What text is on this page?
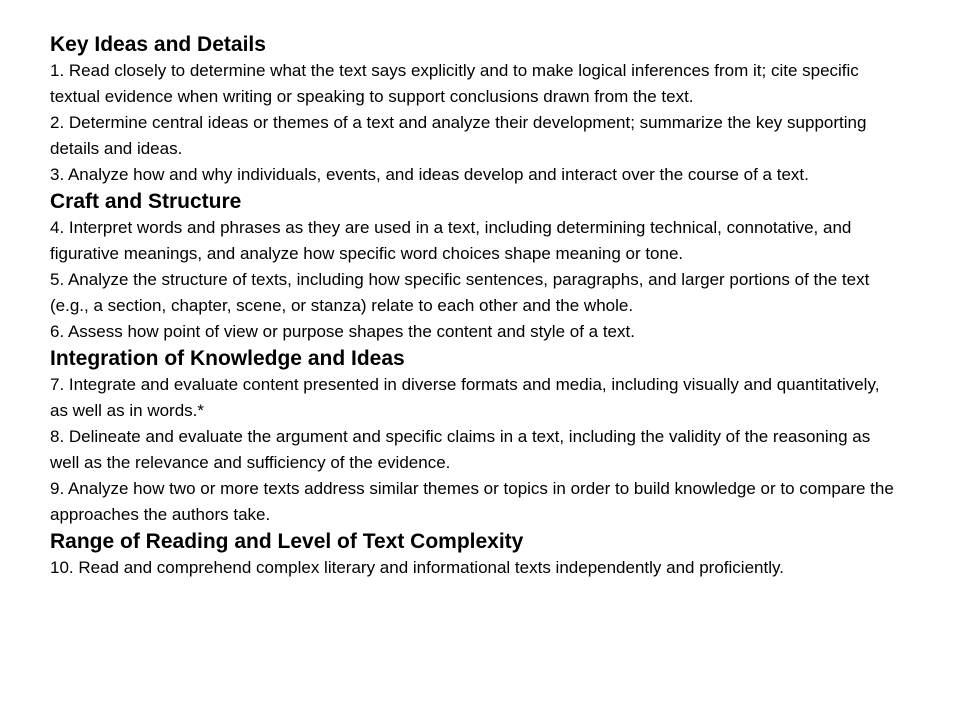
Key Ideas and Details

1. Read closely to determine what the text says explicitly and to make logical inferences from it; cite specific textual evidence when writing or speaking to support conclusions drawn from the text.

2. Determine central ideas or themes of a text and analyze their development; summarize the key supporting details and ideas.

3. Analyze how and why individuals, events, and ideas develop and interact over the course of a text.

Craft and Structure

4. Interpret words and phrases as they are used in a text, including determining technical, connotative, and figurative meanings, and analyze how specific word choices shape meaning or tone.

5. Analyze the structure of texts, including how specific sentences, paragraphs, and larger portions of the text (e.g., a section, chapter, scene, or stanza) relate to each other and the whole.

6. Assess how point of view or purpose shapes the content and style of a text.

Integration of Knowledge and Ideas

7. Integrate and evaluate content presented in diverse formats and media, including visually and quantitatively, as well as in words.*

8. Delineate and evaluate the argument and specific claims in a text, including the validity of the reasoning as well as the relevance and sufficiency of the evidence.

9. Analyze how two or more texts address similar themes or topics in order to build knowledge or to compare the approaches the authors take.

Range of Reading and Level of Text Complexity

10. Read and comprehend complex literary and informational texts independently and proficiently.
